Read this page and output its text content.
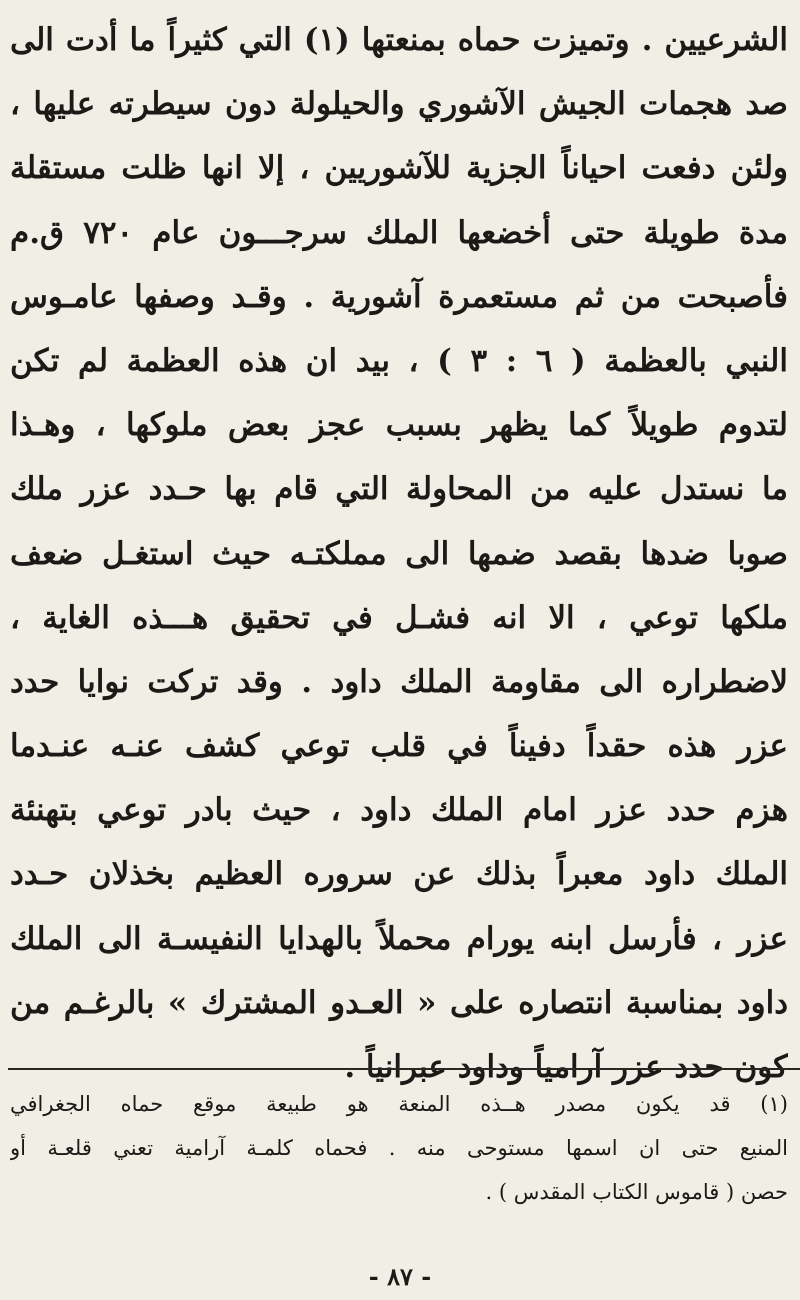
الشرعيين . وتميزت حماه بمنعتها (١) التي كثيراً ما أدت الى
صد هجمات الجيش الآشوري والحيلولة دون سيطرته عليها ،
ولئن دفعت احياناً الجزية للآشوريين ، إلا انها ظلت مستقلة
مدة طويلة حتى أخضعها الملك سرجـــون عام ٧٢٠ ق.م
فأصبحت من ثم مستعمرة آشورية . وقـد وصفها عامـوس
النبي بالعظمة ( ٦ : ٣ ) ، بيد ان هذه العظمة لم تكن
لتدوم طويلاً كما يظهر بسبب عجز بعض ملوكها ، وهـذا
ما نستدل عليه من المحاولة التي قام بها حـدد عزر ملك
صوبا ضدها بقصد ضمها الى مملكتـه حيث استغـل ضعف
ملكها توعي ، الا انه فشـل في تحقيق هـــذه الغاية ،
لاضطراره الى مقاومة الملك داود . وقد تركت نوايا حدد
عزر هذه حقداً دفيناً في قلب توعي كشف عنـه عنـدما
هزم حدد عزر امام الملك داود ، حيث بادر توعي بتهنئة
الملك داود معبراً بذلك عن سروره العظيم بخذلان حـدد
عزر ، فأرسل ابنه يورام محملاً بالهدايا النفيسـة الى الملك
داود بمناسبة انتصاره على « العـدو المشترك » بالرغـم من
كون حدد عزر آرامياً وداود عبرانياً .
(١) قد يكون مصدر هــذه المنعة هو طبيعة موقع حماه الجغرافي
المنيع حتى ان اسمها مستوحى منه . فحماه كلمـة آرامية تعني قلعـة أو
حصن ( قاموس الكتاب المقدس ) .
- ٨٧ -
